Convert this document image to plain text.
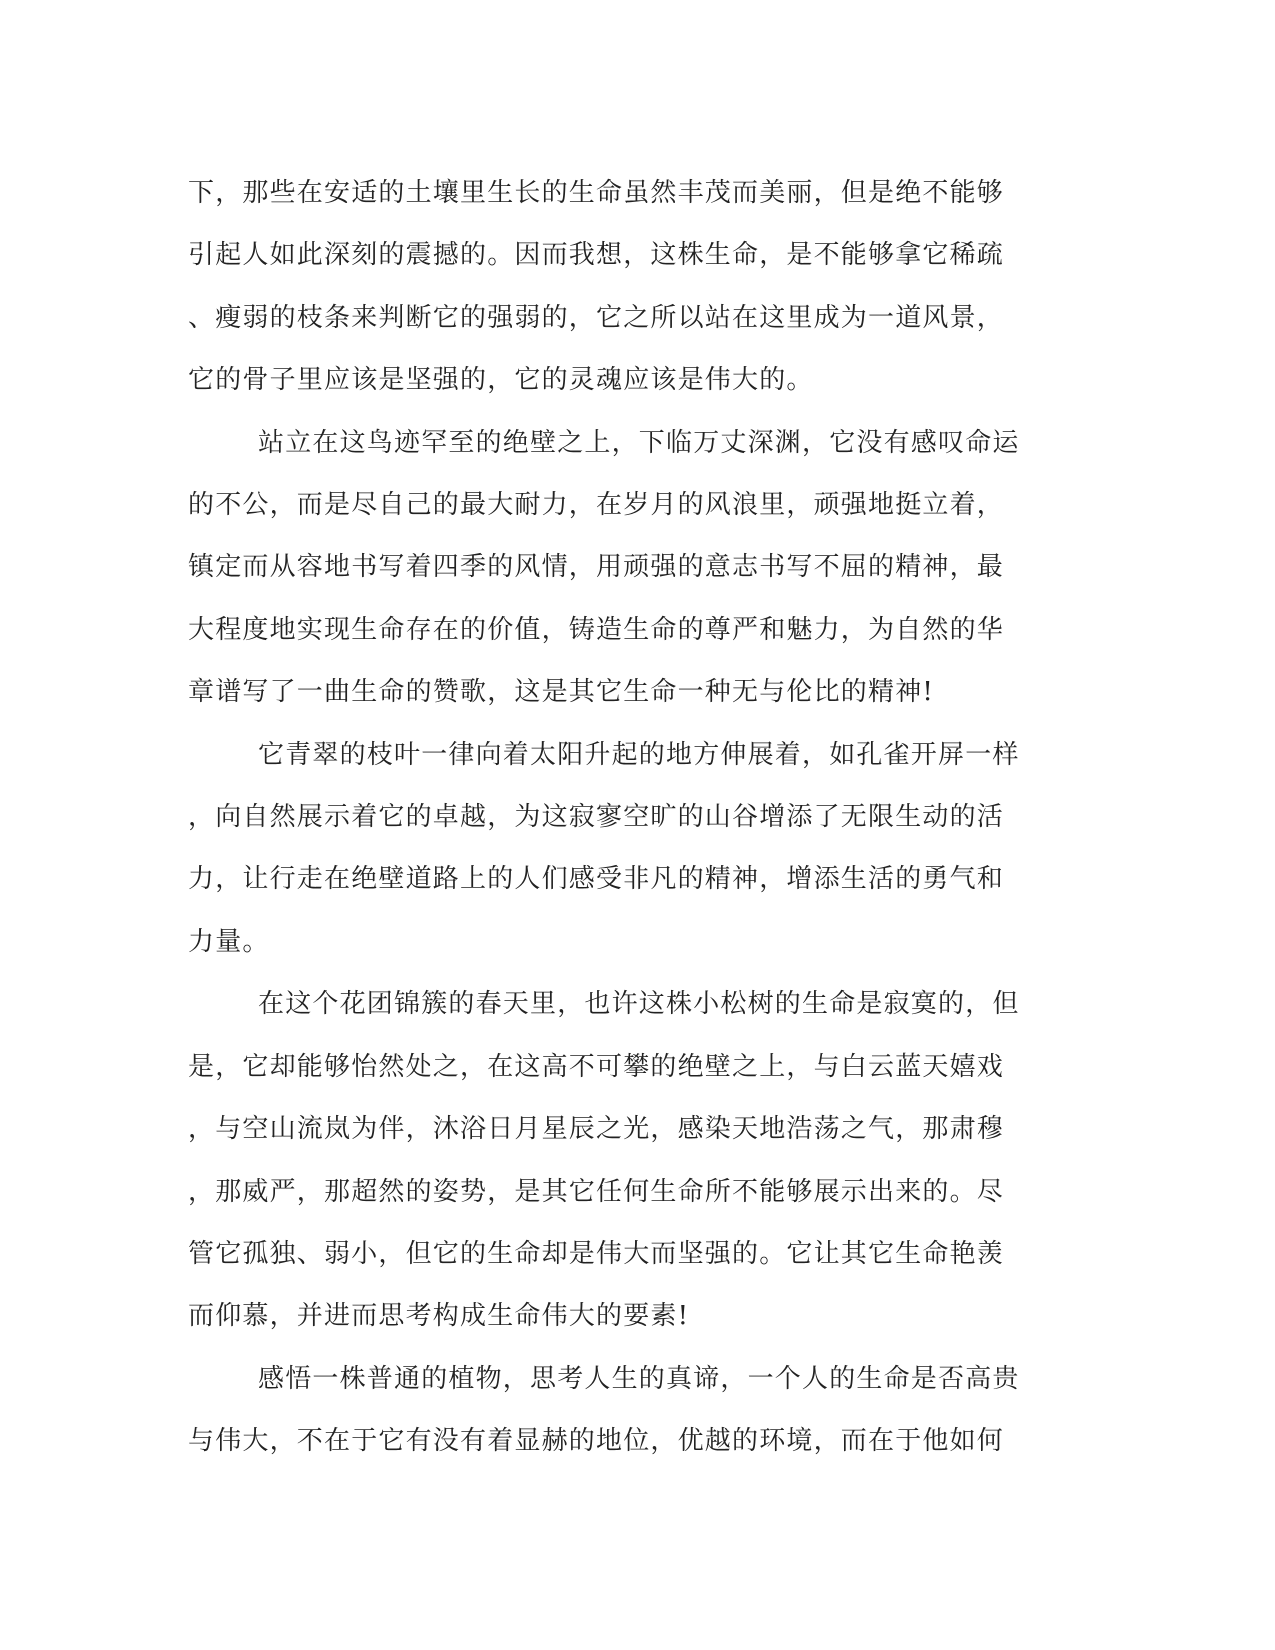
下，那些在安适的土壤里生长的生命虽然丰茂而美丽，但是绝不能够

引起人如此深刻的震撼的。因而我想，这株生命，是不能够拿它稀疏

、瘦弱的枝条来判断它的强弱的，它之所以站在这里成为一道风景，

它的骨子里应该是坚强的，它的灵魂应该是伟大的。

站立在这鸟迹罕至的绝壁之上，下临万丈深渊，它没有感叹命运

的不公，而是尽自己的最大耐力，在岁月的风浪里，顽强地挺立着，

镇定而从容地书写着四季的风情，用顽强的意志书写不屈的精神，最

大程度地实现生命存在的价值，铸造生命的尊严和魅力，为自然的华

章谱写了一曲生命的赞歌，这是其它生命一种无与伦比的精神!

它青翠的枝叶一律向着太阳升起的地方伸展着，如孔雀开屏一样

，向自然展示着它的卓越，为这寂寥空旷的山谷增添了无限生动的活

力，让行走在绝壁道路上的人们感受非凡的精神，增添生活的勇气和

力量。

在这个花团锦簇的春天里，也许这株小松树的生命是寂寞的，但

是，它却能够怡然处之，在这高不可攀的绝壁之上，与白云蓝天嬉戏

，与空山流岚为伴，沐浴日月星辰之光，感染天地浩荡之气，那肃穆

，那威严，那超然的姿势，是其它任何生命所不能够展示出来的。尽

管它孤独、弱小，但它的生命却是伟大而坚强的。它让其它生命艳羡

而仰慕，并进而思考构成生命伟大的要素!

感悟一株普通的植物，思考人生的真谛，一个人的生命是否高贵

与伟大，不在于它有没有着显赫的地位，优越的环境，而在于他如何
